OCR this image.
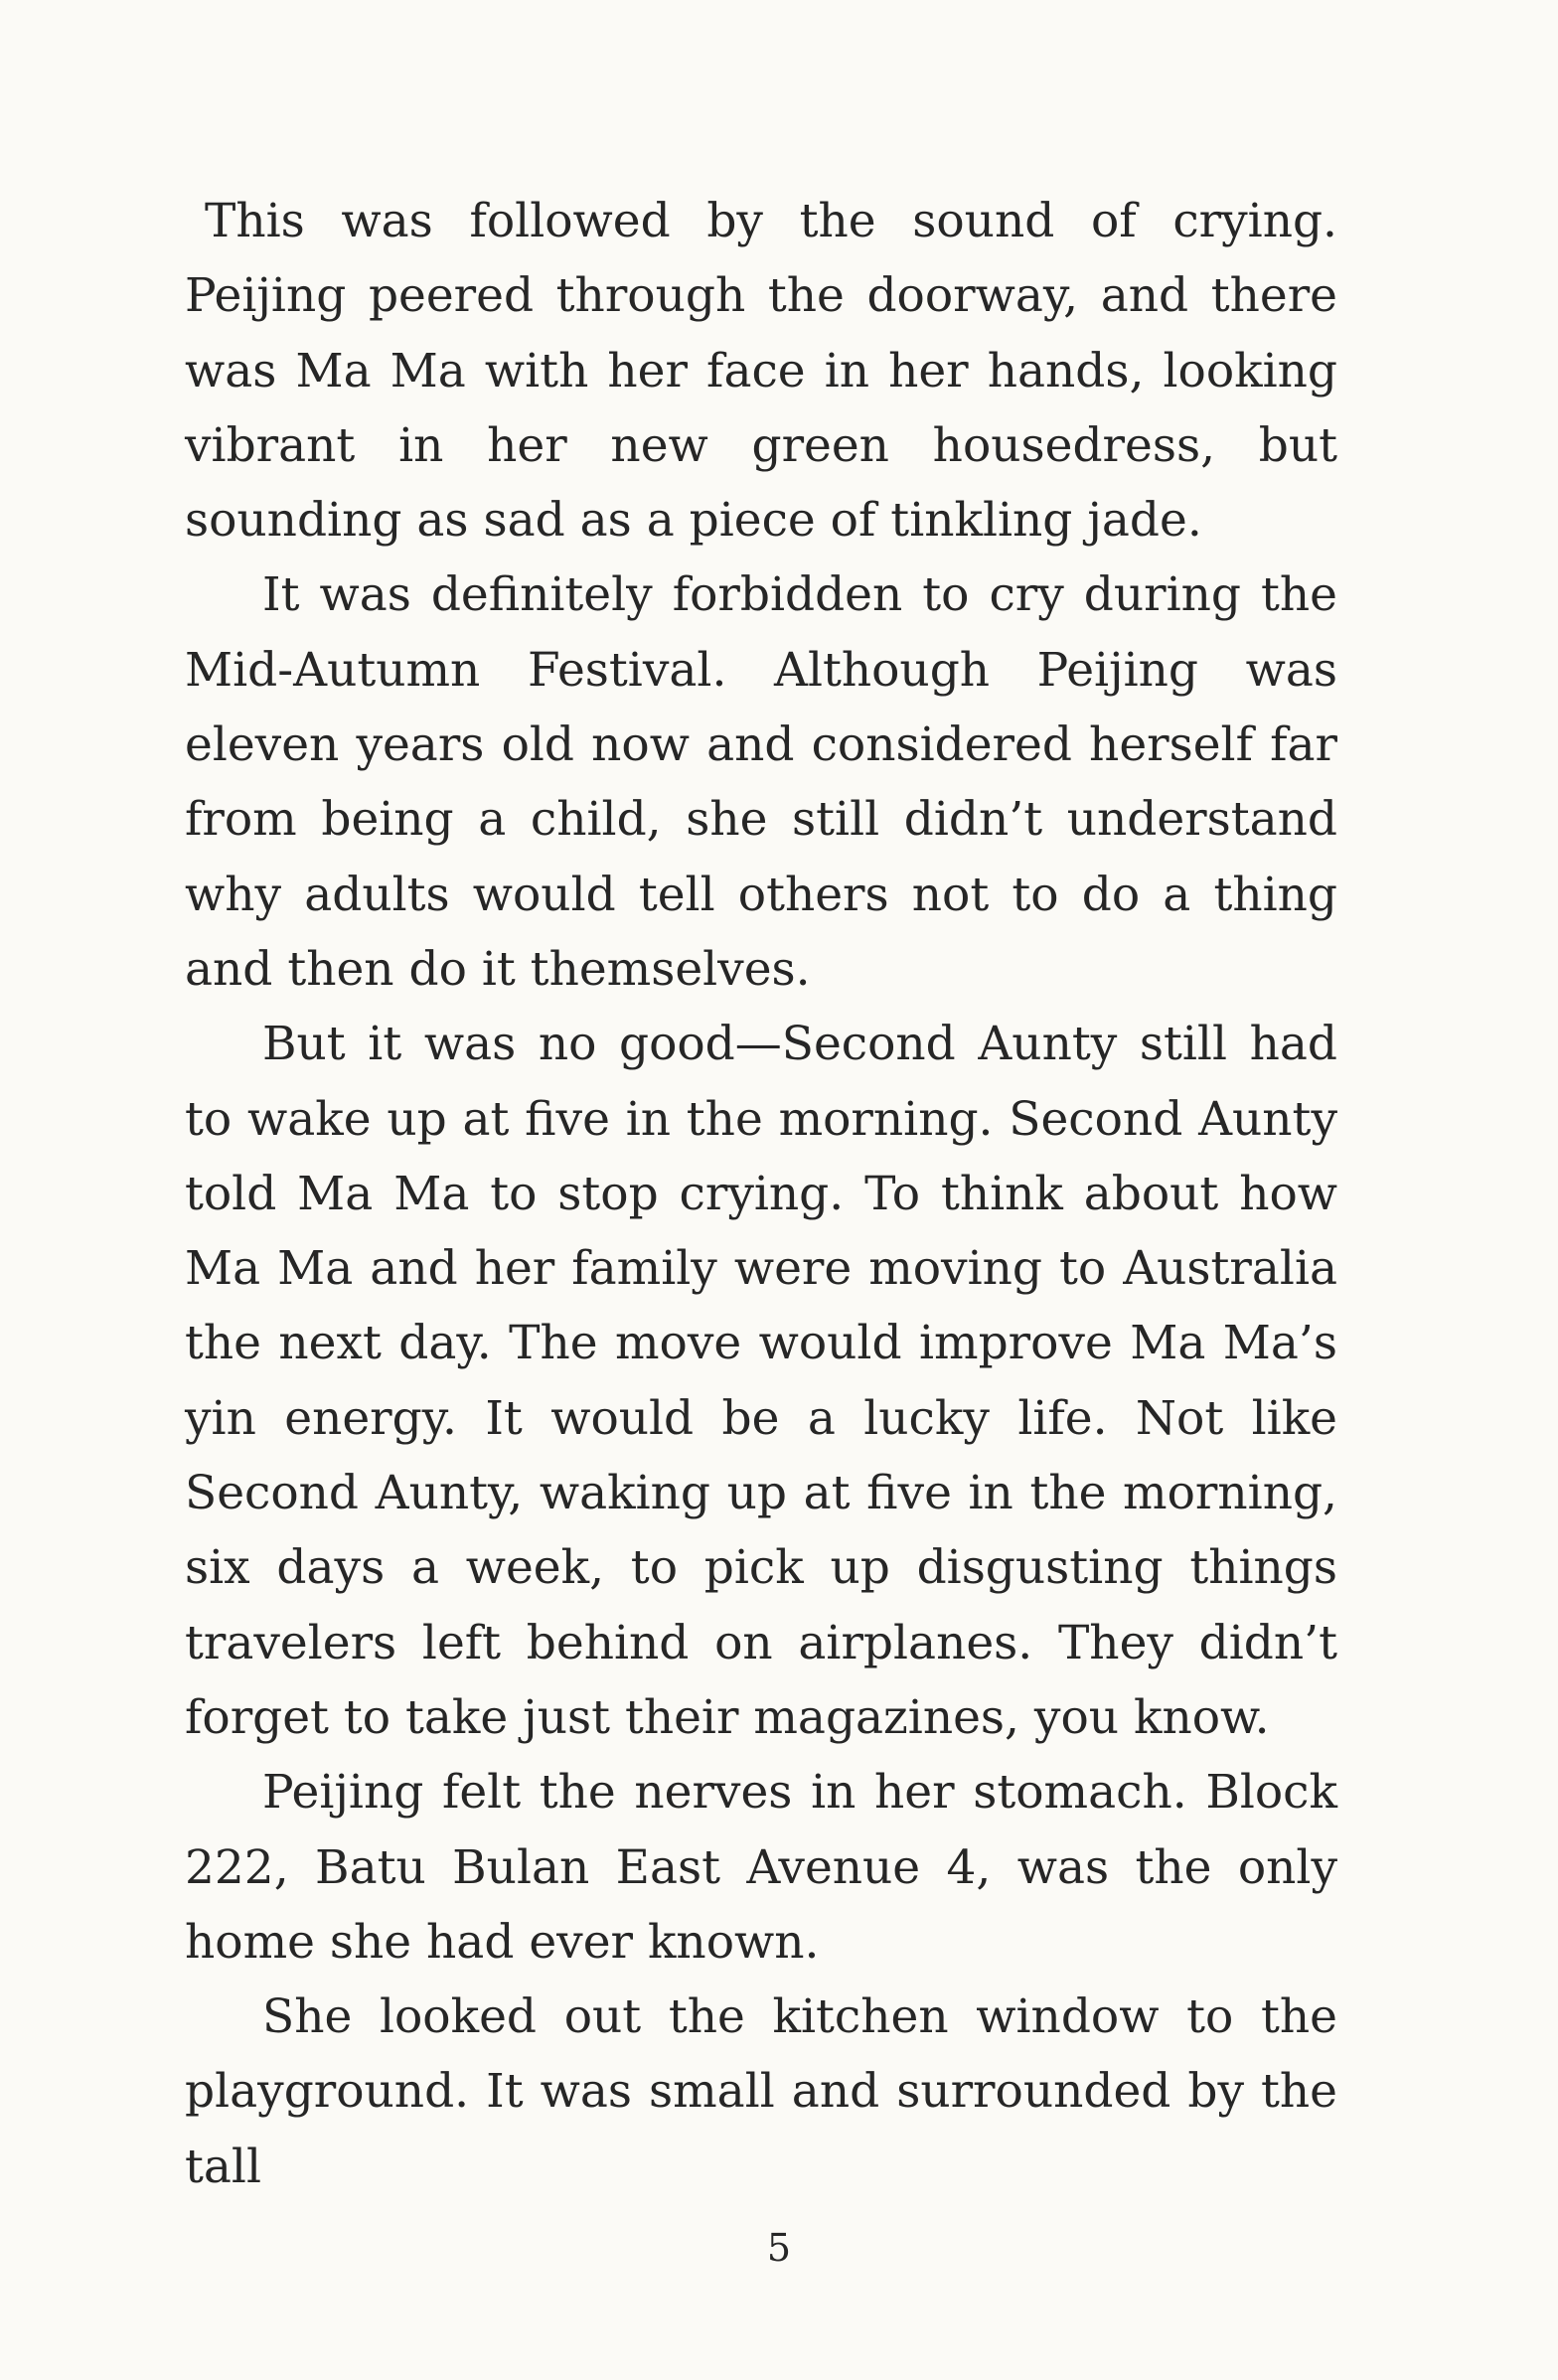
This was followed by the sound of crying. Peijing peered through the doorway, and there was Ma Ma with her face in her hands, looking vibrant in her new green housedress, but sounding as sad as a piece of tinkling jade.

It was definitely forbidden to cry during the Mid-Autumn Festival. Although Peijing was eleven years old now and considered herself far from being a child, she still didn’t understand why adults would tell others not to do a thing and then do it themselves.

But it was no good—Second Aunty still had to wake up at five in the morning. Second Aunty told Ma Ma to stop crying. To think about how Ma Ma and her family were moving to Australia the next day. The move would improve Ma Ma’s yin energy. It would be a lucky life. Not like Second Aunty, waking up at five in the morning, six days a week, to pick up disgusting things travelers left behind on airplanes. They didn’t forget to take just their magazines, you know.

Peijing felt the nerves in her stomach. Block 222, Batu Bulan East Avenue 4, was the only home she had ever known.

She looked out the kitchen window to the playground. It was small and surrounded by the tall

5
